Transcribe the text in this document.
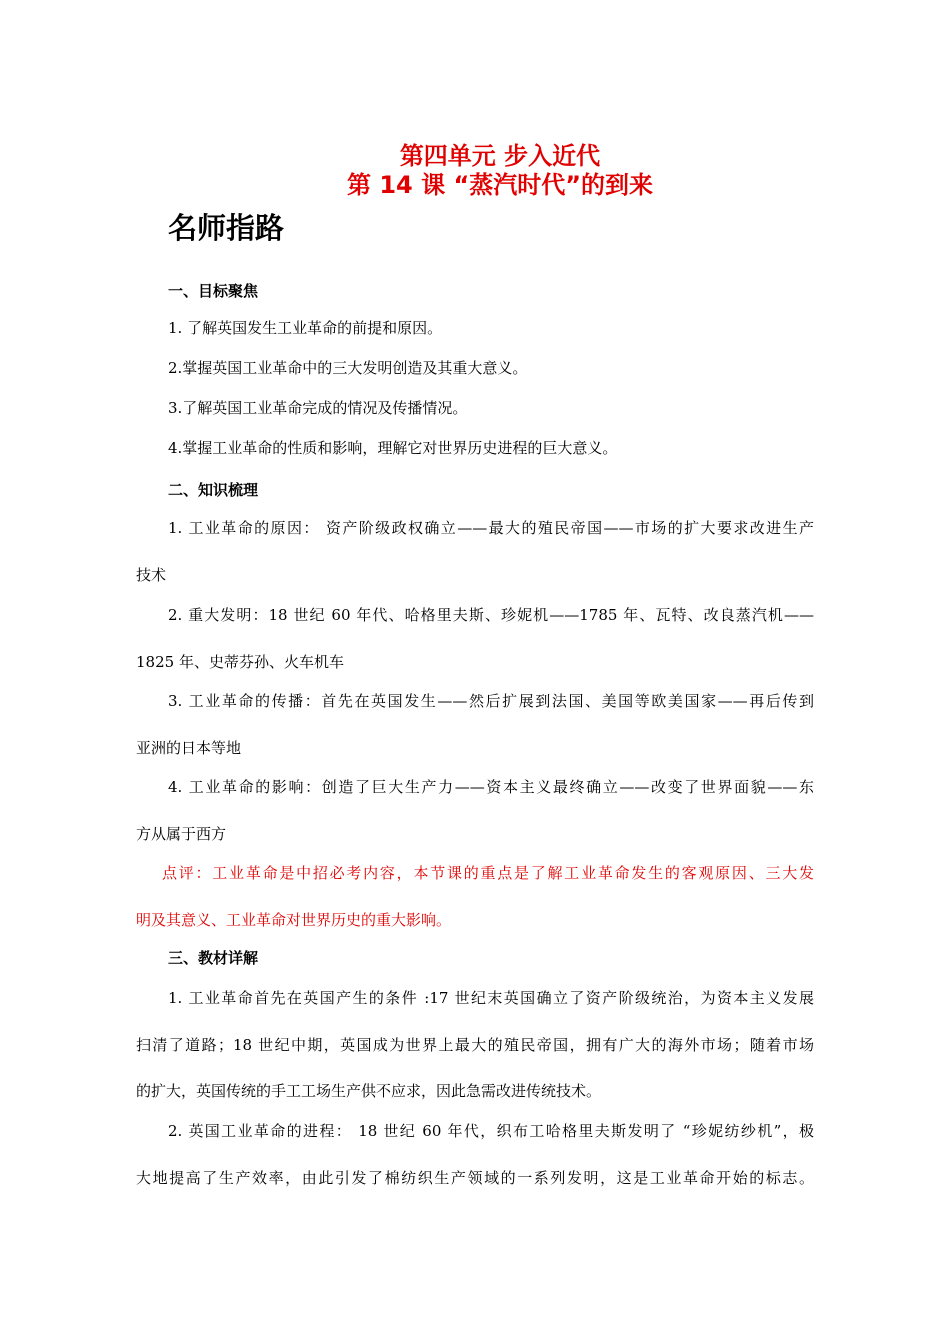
第四单元 步入近代
第 14 课 “蒸汽时代”的到来
名师指路
一、目标聚焦
1. 了解英国发生工业革命的前提和原因。
2.掌握英国工业革命中的三大发明创造及其重大意义。
3.了解英国工业革命完成的情况及传播情况。
4.掌握工业革命的性质和影响，理解它对世界历史进程的巨大意义。
二、知识梳理
1. 工业革命的原因： 资产阶级政权确立——最大的殖民帝国——市场的扩大要求改进生产
技术
2. 重大发明：18 世纪 60 年代、哈格里夫斯、珍妮机——1785 年、瓦特、改良蒸汽机——
1825 年、史蒂芬孙、火车机车
3. 工业革命的传播：首先在英国发生——然后扩展到法国、美国等欧美国家——再后传到
亚洲的日本等地
4. 工业革命的影响：创造了巨大生产力——资本主义最终确立——改变了世界面貌——东
方从属于西方
点评：工业革命是中招必考内容，本节课的重点是了解工业革命发生的客观原因、三大发
明及其意义、工业革命对世界历史的重大影响。
三、教材详解
1. 工业革命首先在英国产生的条件 :17 世纪末英国确立了资产阶级统治，为资本主义发展
扫清了道路；18 世纪中期，英国成为世界上最大的殖民帝国，拥有广大的海外市场；随着市场
的扩大，英国传统的手工工场生产供不应求，因此急需改进传统技术。
2. 英国工业革命的进程： 18 世纪 60 年代，织布工哈格里夫斯发明了 “珍妮纺纱机”，极
大地提高了生产效率，由此引发了棉纺织生产领域的一系列发明，这是工业革命开始的标志。
